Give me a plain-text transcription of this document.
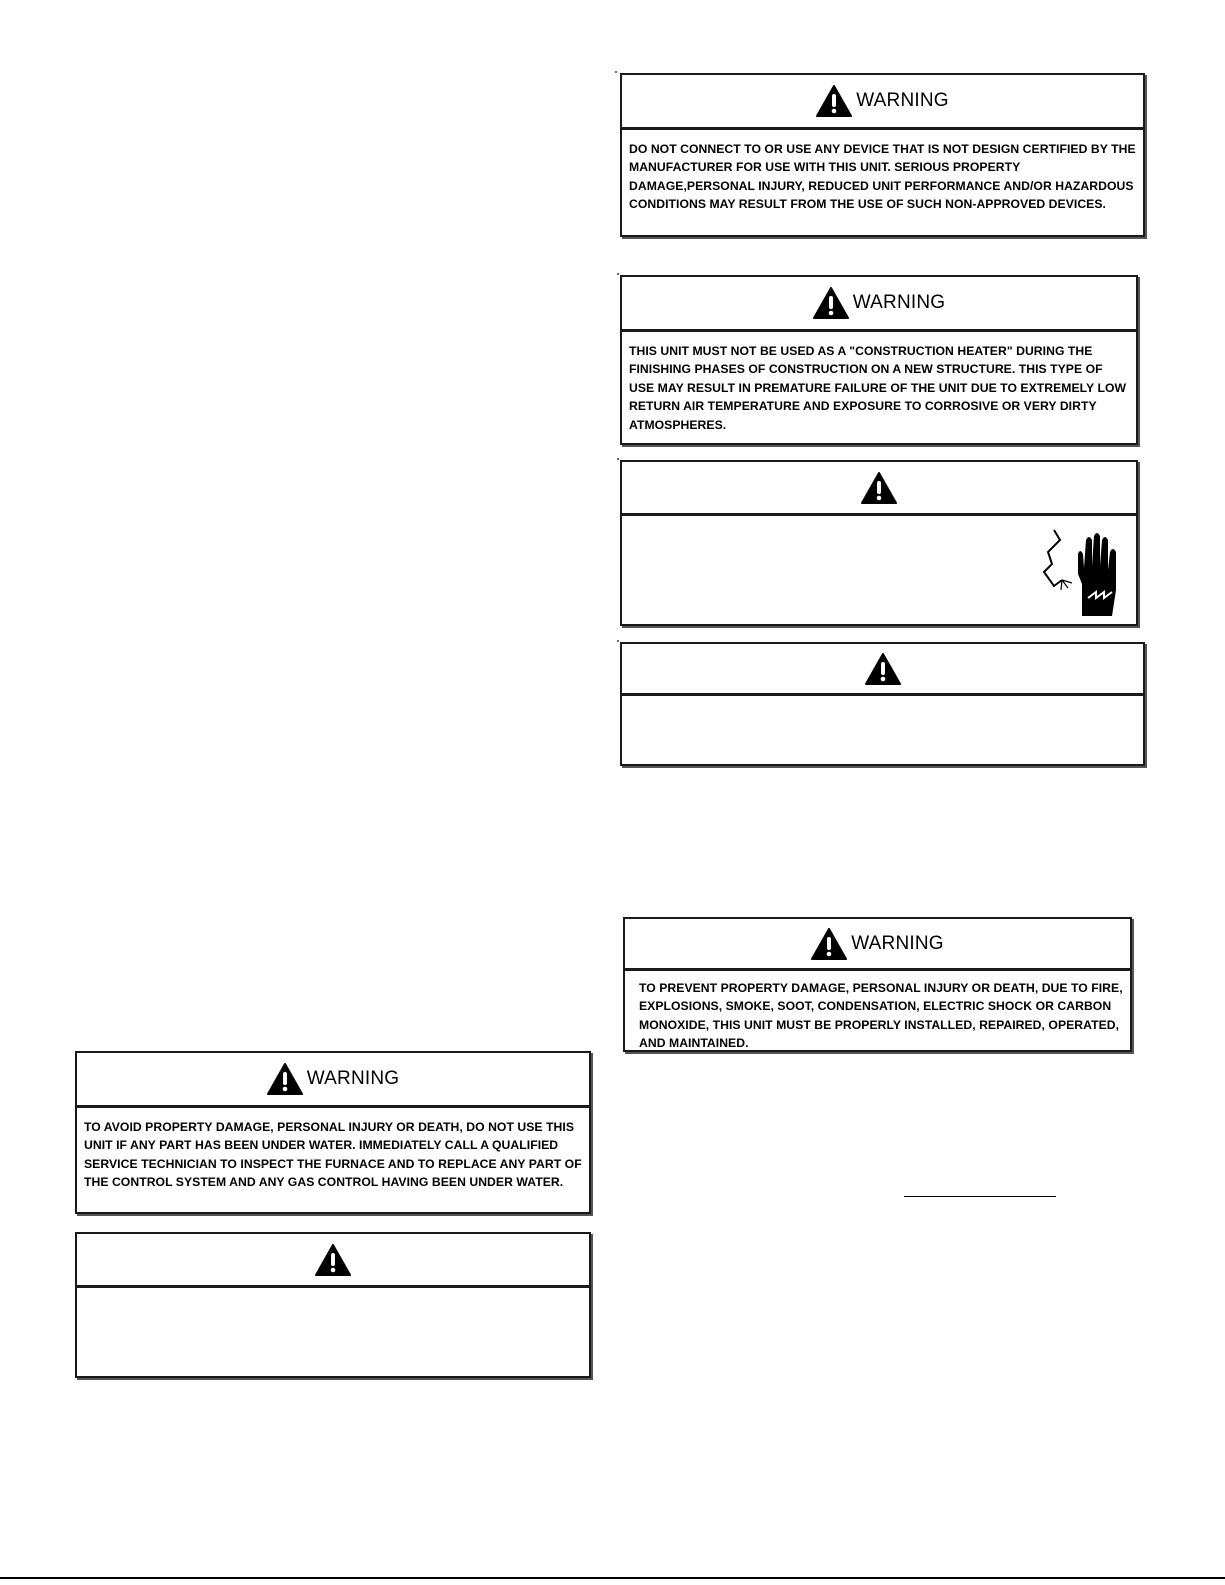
WARNING
DO NOT CONNECT TO OR USE ANY DEVICE THAT IS NOT DESIGN CERTIFIED BY THE MANUFACTURER FOR USE WITH THIS UNIT. SERIOUS PROPERTY DAMAGE,PERSONAL INJURY, REDUCED UNIT PERFORMANCE AND/OR HAZARDOUS CONDITIONS MAY RESULT FROM THE USE OF SUCH NON-APPROVED DEVICES.
WARNING
THIS UNIT MUST NOT BE USED AS A "CONSTRUCTION HEATER" DURING THE FINISHING PHASES OF CONSTRUCTION ON A NEW STRUCTURE. THIS TYPE OF USE MAY RESULT IN PREMATURE FAILURE OF THE UNIT DUE TO EXTREMELY LOW RETURN AIR TEMPERATURE AND EXPOSURE TO CORROSIVE OR VERY DIRTY ATMOSPHERES.
WARNING
TO PREVENT PROPERTY DAMAGE, PERSONAL INJURY OR DEATH, DUE TO FIRE, EXPLOSIONS, SMOKE, SOOT, CONDENSATION, ELECTRIC SHOCK OR CARBON MONOXIDE, THIS UNIT MUST BE PROPERLY INSTALLED, REPAIRED, OPERATED, AND MAINTAINED.
WARNING
TO AVOID PROPERTY DAMAGE, PERSONAL INJURY OR DEATH, DO NOT USE THIS UNIT IF ANY PART HAS BEEN UNDER WATER. IMMEDIATELY CALL A QUALIFIED SERVICE TECHNICIAN TO INSPECT THE FURNACE AND TO REPLACE ANY PART OF THE CONTROL SYSTEM AND ANY GAS CONTROL HAVING BEEN UNDER WATER.
